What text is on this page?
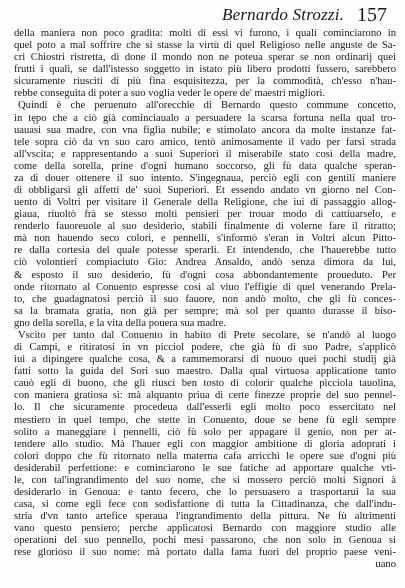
Bernardo Strozzi. 157
della maniera non poco gradita: molti di essi vi furono, i quali cominciarono in
quel poto a mal soffrire che si stasse la virtù di quel Religioso nelle anguste de Sa-
cri Chiostri ristretta, di done il mondo non ne poteua sperar se non ordinarij quei
frutti i quali, se dall'istesso soggetto in istato più libero prodotti fussero, sarebbero
sicuramente riusciti di più fina esquisitezza, per la commodità, ch'esso n'hau-
rebbe conseguita di poter a suo voglia veder le opere de' maestri migliori.
Quindi è che peruenuto all'orecchie di Bernardo questo commune concetto,
in tępo che a ciò già cominciaualo a persuadere la scarsa fortuna nella qual tro-
uauasi sua madre, con vna figlia nubile; e stimolato ancora da molte instanze fat-
tele sopra ciò da vn suo caro amico, tentò animosamente il vado per farsi strada
all'vscita; e rappresentando a suoi Superiori il miserabile stato così della madre,
come della sorella, prine d'ogni humano soccorso, gli fù data qualche speran-
za di douer ottenere il suo intento. S'ingegnaua, perciò egli con gentili maniere
di obbligarsi gli affetti de' suoi Superiori. Et essendo andato vn giorno nel Con-
uento di Voltri per visitare il Generale della Religione, che iui di passaggio allog-
giaua, riuoltò frà se stesso molti pensieri per trouar modo di cattiuarselo, e
renderlo fauoreuole al suo desiderio, stabili finalmente di volerne fare il ritratto;
mà non hauendo seco colori, e pennelli, s'informò s'eran in Voltri alcun Pitto-
re dalla cortesia del quale potesse sperarli. Et intendendo, che l'hauerebbe tutto
ciò volontieri compiaciuto Gio: Andrea Ansaldo, andò senza dimora da lui,
& esposto il suo desiderio, fù d'ogni cosa abbondantemente proueduto. Per
onde ritornato al Conuento espresse così al viuo l'effigie di quel venerando Prela-
to, che guadagnatosi perciò il suo fauore, non andò molto, che gli fù conces-
sa la bramata gratia, non già per sempre; mà sol per quanto durasse il biso-
gno della sorella, e la vita della pouera sua madre.
Vscito per tanto dal Conuento in habito di Prete secolare, se n'andò al luogo
di Campi, e ritiratosi in vn picciol podere, che già fù di suo Padre, s'applicò
iui a dipingere qualche cosa, & a rammemorarsi di nuouo quei pochi studij già
fatti sotto la guida del Sori suo maestro. Dalla qual virtuosa applicatione tanto
cauò egli di buono, che gli riuscì ben tosto di colorir qualche picciola tauolina,
con maniera gratiosa sì: mà alquanto priua di certe finezze proprie del suo pennel-
lo. Il che sicuramente procedeua dall'esserli egli molto poco essercitato nel
mestiero in quel tempo, che stette in Conuento, doue se bene fù egli sempre
solito a maneggiare i pennelli, ciò fù solo per appagare il genio, non per at-
tendere allo studio. Mà l'hauer egli con maggior ambitione di gloria adoprati i
colori doppo che fù ritornato nella materna cafa arricchì le opere sue d'ogni più
desiderabil perfettione: e cominciarono le sue fatiche ad apportare qualche vti-
le, con tal'ingrandimento del suo nome, che si mossero perciò molti Signori à
desiderarlo in Genoua: e tanto fecero, che lo persuasero a trasportarui la sua
casa, si come egli fece con sodisfattione di tutta la Cittadinanza, che dall'indu-
stria d'vn tanto artefice speraua l'ingrandimento della pittura. Ne fù altrimenti
vano questo pensiero; perche applicatosi Bernardo con maggiore studio alle
operationi del suo pennello, pochi mesi passarono, che non solo in Genoua si
rese glorioso il suo nome: mà portato dalla fama fuori del proprio paese venì-
uano
